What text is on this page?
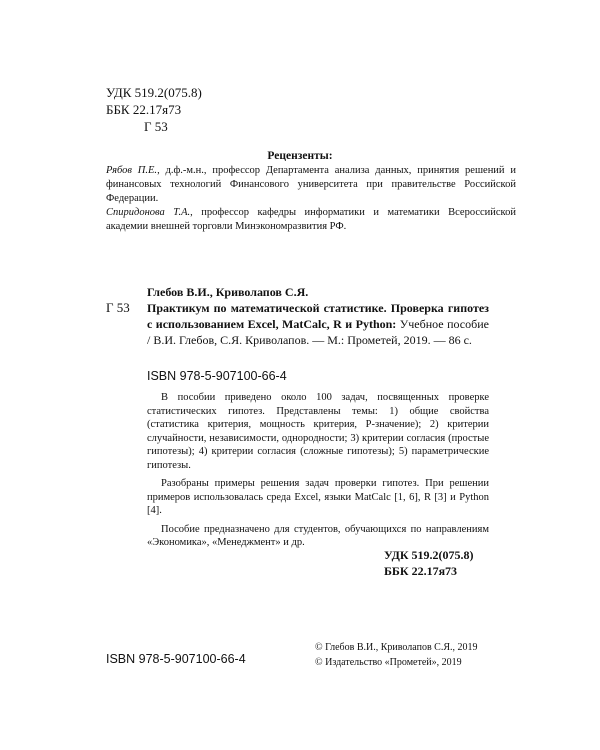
УДК 519.2(075.8)
ББК 22.17я73
Г 53
Рецензенты:

Рябов П.Е., д.ф.-м.н., профессор Департамента анализа данных, принятия решений и финансовых технологий Финансового университета при правительстве Российской Федерации.

Спиридонова Т.А., профессор кафедры информатики и математики Всероссийской академии внешней торговли Минэкономразвития РФ.

Глебов В.И., Криволапов С.Я.
Г 53 Практикум по математической статистике. Проверка гипотез с использованием Excel, MatCalc, R и Python: Учебное пособие / В.И. Глебов, С.Я. Криволапов. — М.: Прометей, 2019. — 86 с.
ISBN 978-5-907100-66-4

В пособии приведено около 100 задач, посвященных проверке статистических гипотез. Представлены темы: 1) общие свойства (статистика критерия, мощность критерия, P-значение); 2) критерии случайности, независимости, однородности; 3) критерии согласия (простые гипотезы); 4) критерии согласия (сложные гипотезы); 5) параметрические гипотезы.

Разобраны примеры решения задач проверки гипотез. При решении примеров использовалась среда Excel, языки MatCalc [1, 6], R [3] и Python [4].

Пособие предназначено для студентов, обучающихся по направлениям «Экономика», «Менеджмент» и др.

УДК 519.2(075.8)
ББК 22.17я73
© Глебов В.И., Криволапов С.Я., 2019
© Издательство «Прометей», 2019
ISBN 978-5-907100-66-4
